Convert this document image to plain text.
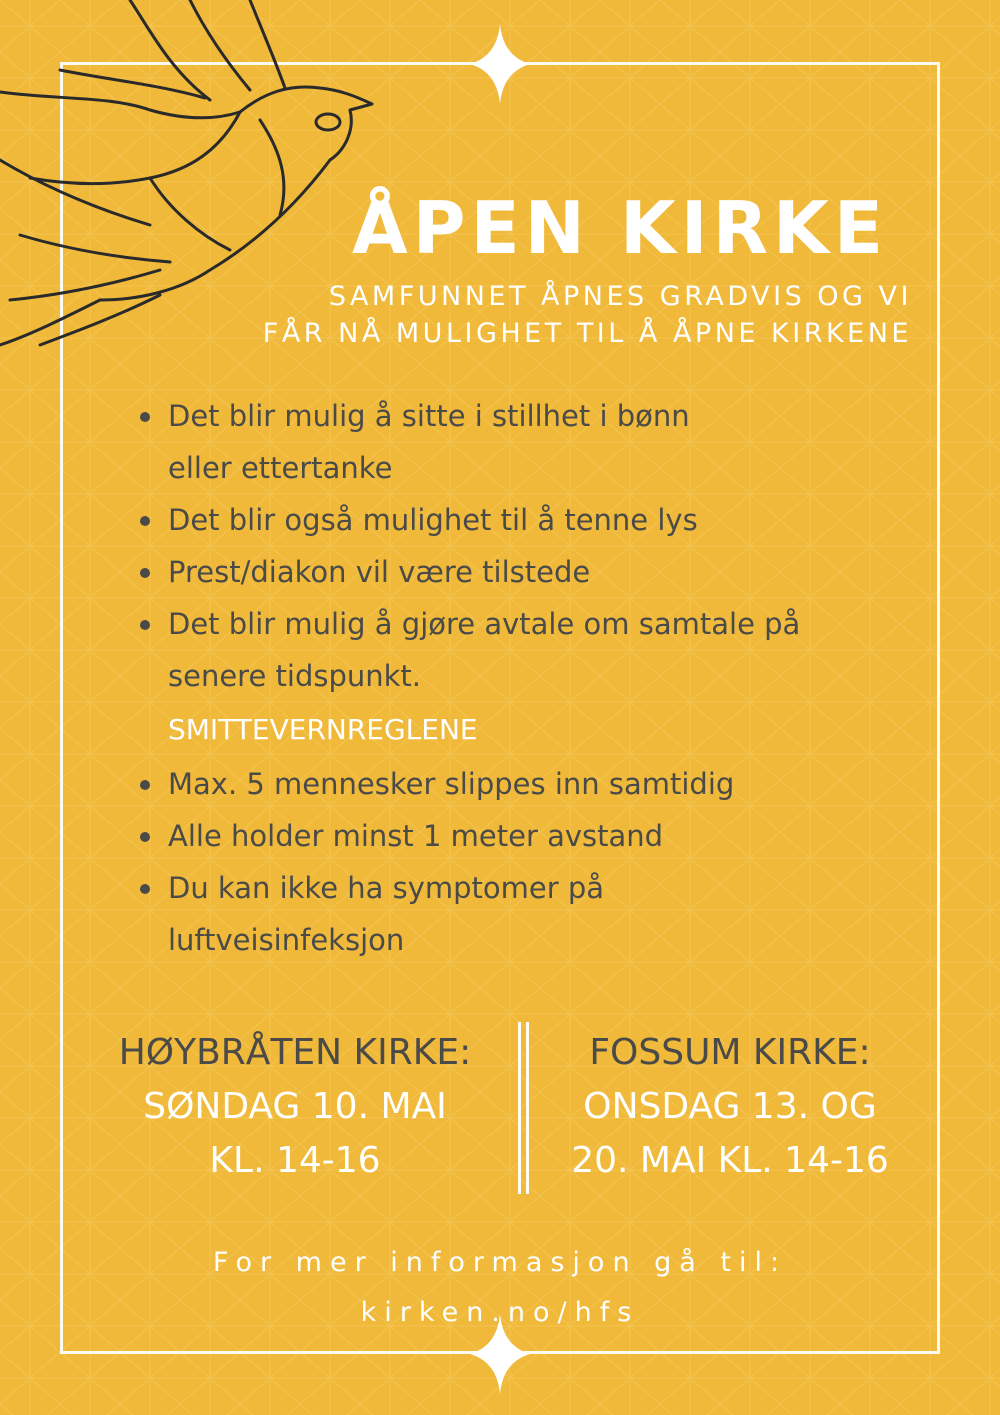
ÅPEN KIRKE
SAMFUNNET ÅPNES GRADVIS OG VI
FÅR NÅ MULIGHET TIL Å ÅPNE KIRKENE
Det blir mulig å sitte i stillhet i bønn
eller ettertanke
Det blir også mulighet til å tenne lys
Prest/diakon vil være tilstede
Det blir mulig å gjøre avtale om samtale på
senere tidspunkt.
SMITTEVERNREGLENE
Max. 5 mennesker slippes inn samtidig
Alle holder minst 1 meter avstand
Du kan ikke ha symptomer på
luftveisinfeksjon
HØYBRÅTEN KIRKE:
SØNDAG 10. MAI
KL. 14-16
FOSSUM KIRKE:
ONSDAG 13. OG
20. MAI KL. 14-16
For mer informasjon gå til:
kirken.no/hfs
